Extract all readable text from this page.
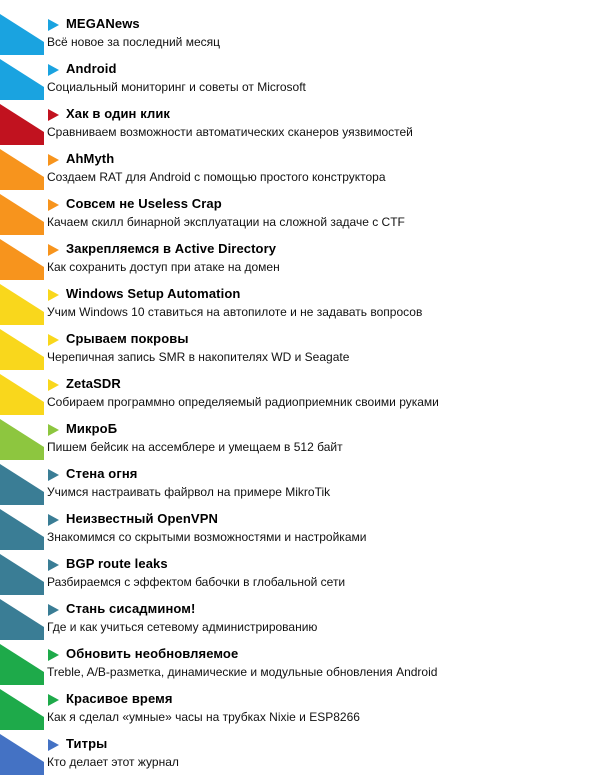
MEGANews
Всё новое за последний месяц
Android
Социальный мониторинг и советы от Microsoft
Хак в один клик
Сравниваем возможности автоматических сканеров уязвимостей
AhMyth
Создаем RAT для Android с помощью простого конструктора
Совсем не Useless Crap
Качаем скилл бинарной эксплуатации на сложной задаче с CTF
Закрепляемся в Active Directory
Как сохранить доступ при атаке на домен
Windows Setup Automation
Учим Windows 10 ставиться на автопилоте и не задавать вопросов
Срываем покровы
Черепичная запись SMR в накопителях WD и Seagate
ZetaSDR
Собираем программно определяемый радиоприемник своими руками
МикроБ
Пишем бейсик на ассемблере и умещаем в 512 байт
Стена огня
Учимся настраивать файрвол на примере MikroTik
Неизвестный OpenVPN
Знакомимся со скрытыми возможностями и настройками
BGP route leaks
Разбираемся с эффектом бабочки в глобальной сети
Стань сисадмином!
Где и как учиться сетевому администрированию
Обновить необновляемое
Treble, A/B-разметка, динамические и модульные обновления Android
Красивое время
Как я сделал «умные» часы на трубках Nixie и ESP8266
Титры
Кто делает этот журнал
